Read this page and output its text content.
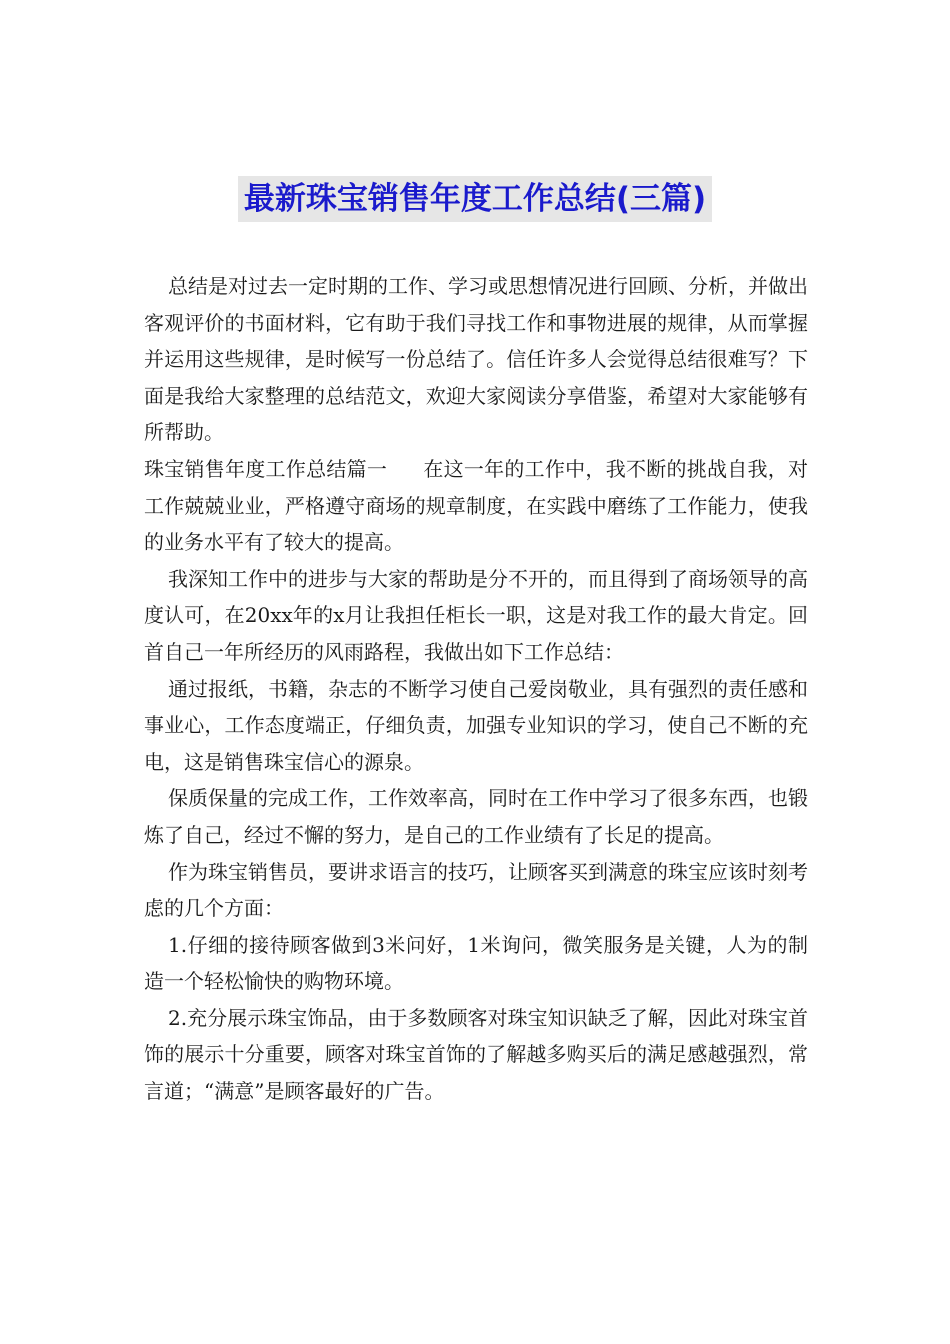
最新珠宝销售年度工作总结(三篇)

总结是对过去一定时期的工作、学习或思想情况进行回顾、分析，并做出客观评价的书面材料，它有助于我们寻找工作和事物进展的规律，从而掌握并运用这些规律，是时候写一份总结了。信任许多人会觉得总结很难写？下面是我给大家整理的总结范文，欢迎大家阅读分享借鉴，希望对大家能够有所帮助。

珠宝销售年度工作总结篇一 在这一年的工作中，我不断的挑战自我，对工作兢兢业业，严格遵守商场的规章制度，在实践中磨练了工作能力，使我的业务水平有了较大的提高。

我深知工作中的进步与大家的帮助是分不开的，而且得到了商场领导的高度认可，在20xx年的x月让我担任柜长一职，这是对我工作的最大肯定。回首自己一年所经历的风雨路程，我做出如下工作总结：

通过报纸，书籍，杂志的不断学习使自己爱岗敬业，具有强烈的责任感和事业心，工作态度端正，仔细负责，加强专业知识的学习，使自己不断的充电，这是销售珠宝信心的源泉。

保质保量的完成工作，工作效率高，同时在工作中学习了很多东西，也锻炼了自己，经过不懈的努力，是自己的工作业绩有了长足的提高。

作为珠宝销售员，要讲求语言的技巧，让顾客买到满意的珠宝应该时刻考虑的几个方面：

1.仔细的接待顾客做到3米问好，1米询问，微笑服务是关键，人为的制造一个轻松愉快的购物环境。

2.充分展示珠宝饰品，由于多数顾客对珠宝知识缺乏了解，因此对珠宝首饰的展示十分重要，顾客对珠宝首饰的了解越多购买后的满足感越强烈，常言道；“满意”是顾客最好的广告。
